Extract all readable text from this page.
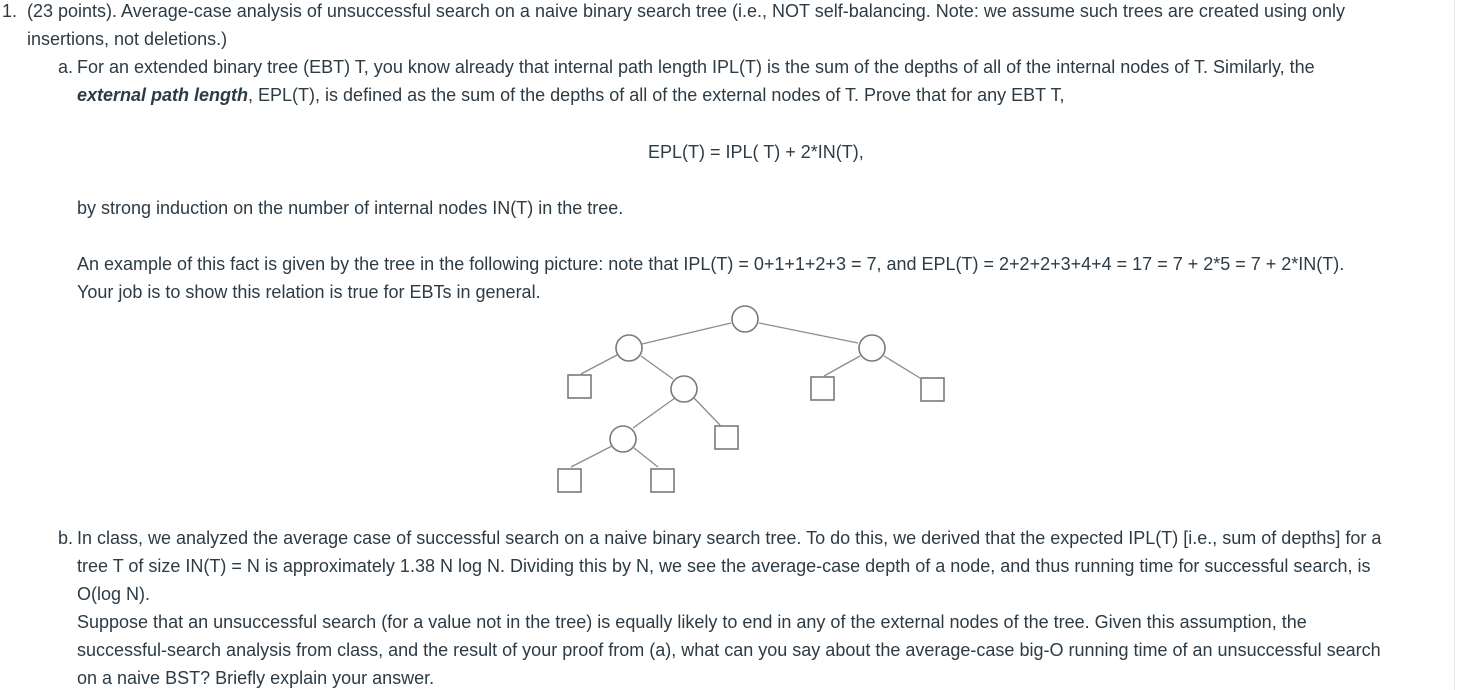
1. (23 points). Average-case analysis of unsuccessful search on a naive binary search tree (i.e., NOT self-balancing. Note: we assume such trees are created using only
insertions, not deletions.)
a. For an extended binary tree (EBT) T, you know already that internal path length IPL(T) is the sum of the depths of all of the internal nodes of T. Similarly, the
external path length, EPL(T), is defined as the sum of the depths of all of the external nodes of T. Prove that for any EBT T,
EPL(T) = IPL( T) + 2*IN(T),
by strong induction on the number of internal nodes IN(T) in the tree.
An example of this fact is given by the tree in the following picture: note that IPL(T) = 0+1+1+2+3 = 7, and EPL(T) = 2+2+2+3+4+4 = 17 = 7 + 2*5 = 7 + 2*IN(T).
Your job is to show this relation is true for EBTs in general.
b. In class, we analyzed the average case of successful search on a naive binary search tree. To do this, we derived that the expected IPL(T) [i.e., sum of depths] for a
tree T of size IN(T) = N is approximately 1.38 N log N. Dividing this by N, we see the average-case depth of a node, and thus running time for successful search, is
O(log N).
Suppose that an unsuccessful search (for a value not in the tree) is equally likely to end in any of the external nodes of the tree. Given this assumption, the
successful-search analysis from class, and the result of your proof from (a), what can you say about the average-case big-O running time of an unsuccessful search
on a naive BST? Briefly explain your answer.
